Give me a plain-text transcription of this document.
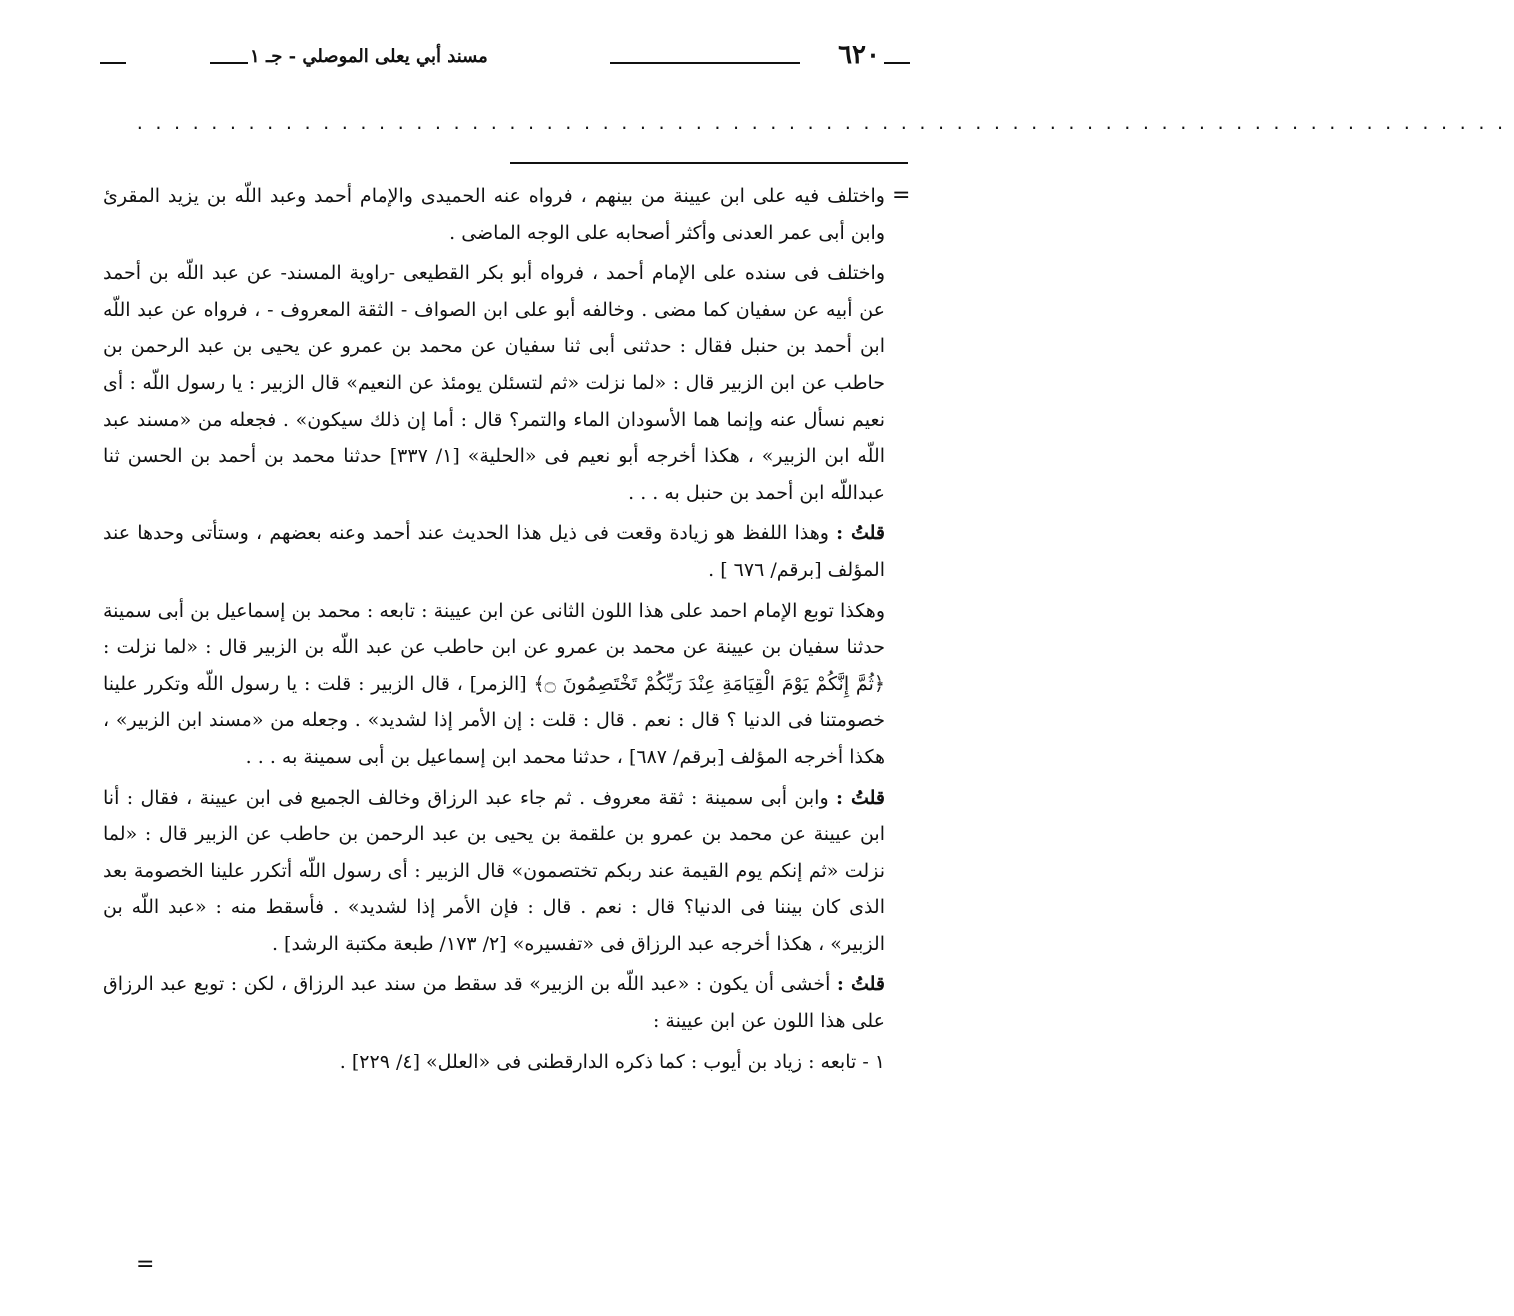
٦٢٠
مسند أبي يعلى الموصلي - جـ ١
..........................................................................
=

واختلف فيه على ابن عيينة من بينهم ، فرواه عنه الحميدى والإمام أحمد وعبد اللّه بن يزيد المقرئ وابن أبى عمر العدنى وأكثر أصحابه على الوجه الماضى .

واختلف فى سنده على الإمام أحمد ، فرواه أبو بكر القطيعى -راوية المسند- عن عبد اللّه بن أحمد عن أبيه عن سفيان كما مضى . وخالفه أبو على ابن الصواف - الثقة المعروف - ، فرواه عن عبد اللّه ابن أحمد بن حنبل فقال : حدثنى أبى ثنا سفيان عن محمد بن عمرو عن يحيى بن عبد الرحمن بن حاطب عن ابن الزبير قال : «لما نزلت «ثم لتسئلن يومئذ عن النعيم» قال الزبير : يا رسول اللّه : أى نعيم نسأل عنه وإنما هما الأسودان الماء والتمر؟ قال : أما إن ذلك سيكون» . فجعله من «مسند عبد اللّه ابن الزبير» ، هكذا أخرجه أبو نعيم فى «الحلية» [١/ ٣٣٧] حدثنا محمد بن أحمد بن الحسن ثنا عبداللّه ابن أحمد بن حنبل به . . .

قلتُ : وهذا اللفظ هو زيادة وقعت فى ذيل هذا الحديث عند أحمد وعنه بعضهم ، وستأتى وحدها عند المؤلف [برقم/ ٦٧٦ ] .

وهكذا توبع الإمام احمد على هذا اللون الثانى عن ابن عيينة : تابعه : محمد بن إسماعيل بن أبى سمينة حدثنا سفيان بن عيينة عن محمد بن عمرو عن ابن حاطب عن عبد اللّه بن الزبير قال : «لما نزلت : ﴿ثُمَّ إِنَّكُمْ يَوْمَ الْقِيَامَةِ عِنْدَ رَبِّكُمْ تَخْتَصِمُونَ ۝﴾ [الزمر] ، قال الزبير : قلت : يا رسول اللّه وتكرر علينا خصومتنا فى الدنيا ؟ قال : نعم . قال : قلت : إن الأمر إذا لشديد» . وجعله من «مسند ابن الزبير» ، هكذا أخرجه المؤلف [برقم/ ٦٨٧] ، حدثنا محمد ابن إسماعيل بن أبى سمينة به . . .

قلتُ : وابن أبى سمينة : ثقة معروف . ثم جاء عبد الرزاق وخالف الجميع فى ابن عيينة ، فقال : أنا ابن عيينة عن محمد بن عمرو بن علقمة بن يحيى بن عبد الرحمن بن حاطب عن الزبير قال : «لما نزلت «ثم إنكم يوم القيمة عند ربكم تختصمون» قال الزبير : أى رسول اللّه أتكرر علينا الخصومة بعد الذى كان بيننا فى الدنيا؟ قال : نعم . قال : فإن الأمر إذا لشديد» . فأسقط منه : «عبد اللّه بن الزبير» ، هكذا أخرجه عبد الرزاق فى «تفسيره» [٢/ ١٧٣/ طبعة مكتبة الرشد] .

قلتُ : أخشى أن يكون : «عبد اللّه بن الزبير» قد سقط من سند عبد الرزاق ، لكن : توبع عبد الرزاق على هذا اللون عن ابن عيينة :

١ - تابعه : زياد بن أيوب : كما ذكره الدارقطنى فى «العلل» [٤/ ٢٢٩] .

=
